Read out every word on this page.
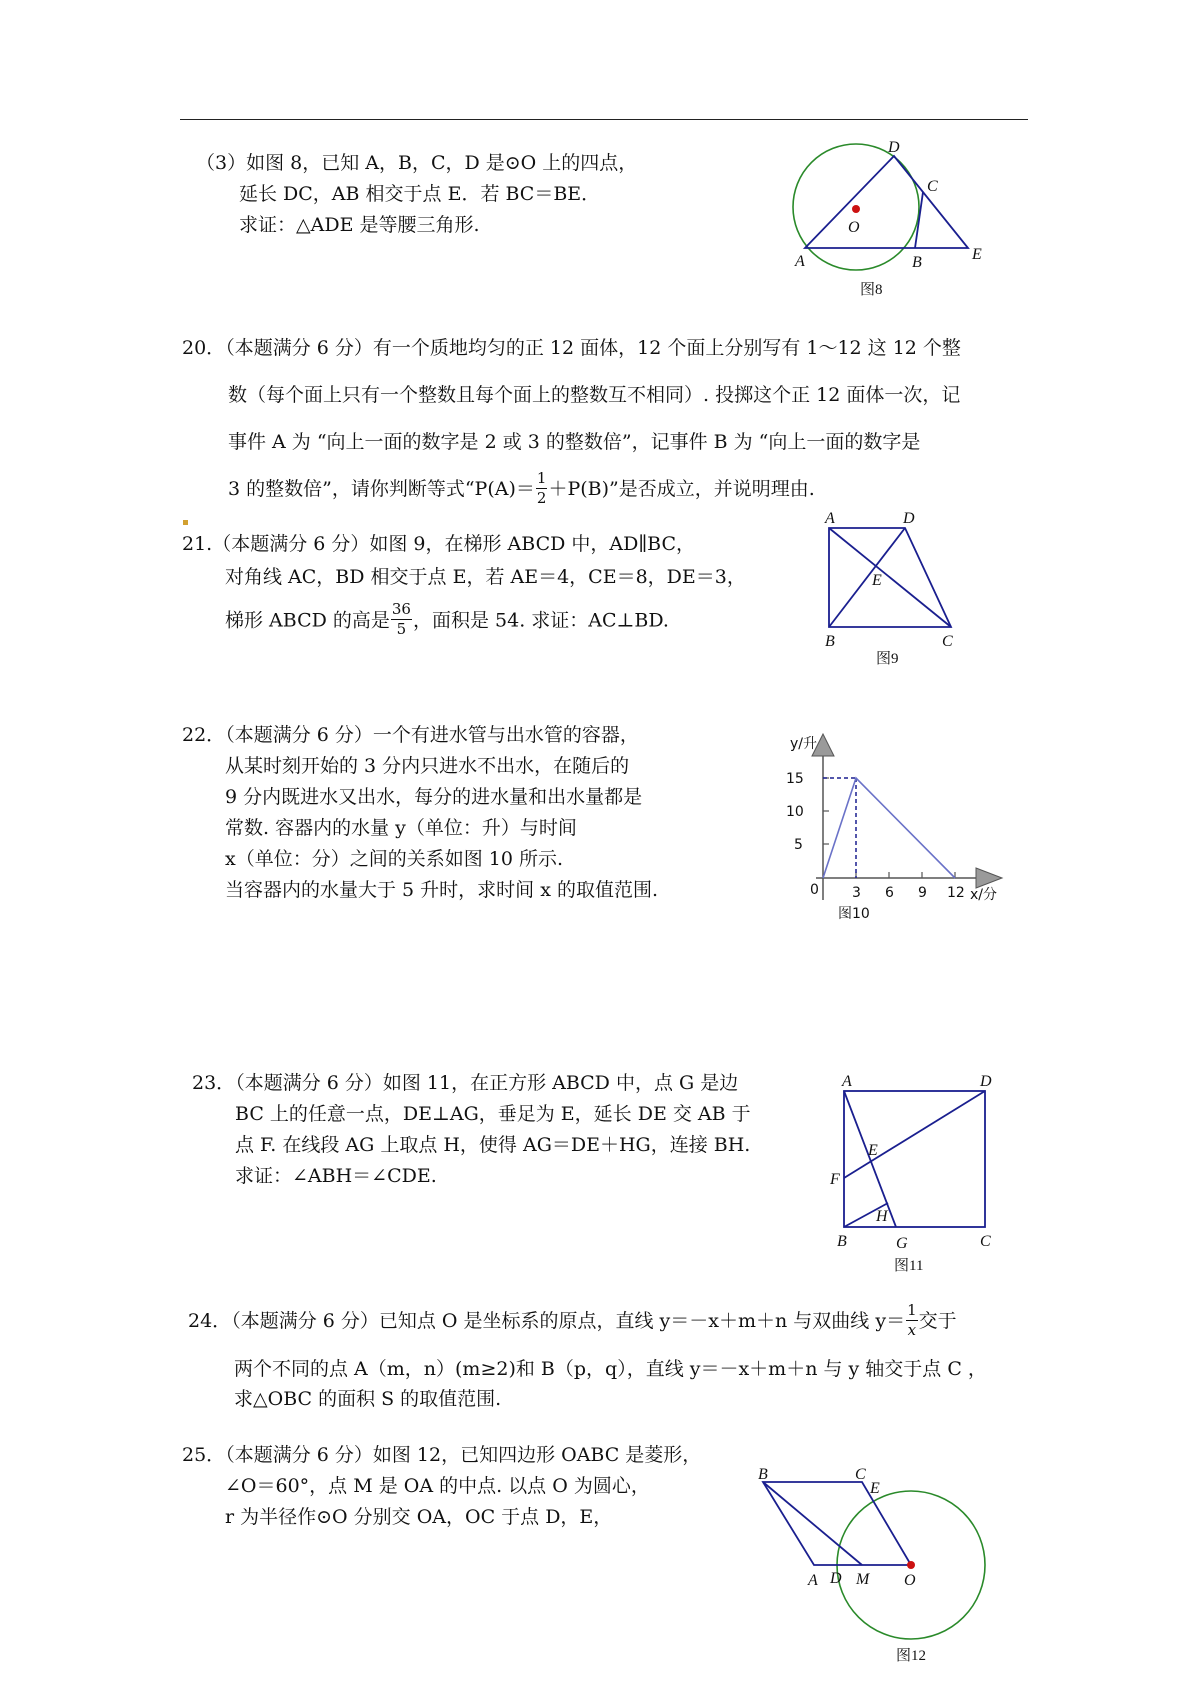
（3）如图 8，已知 A，B，C，D 是⊙O 上的四点，

延长 DC，AB 相交于点 E．若 BC＝BE．

求证：△ADE 是等腰三角形.

D
C
O
A	B	E
图8

20．（本题满分 6 分）有一个质地均匀的正 12 面体，12 个面上分别写有 1～12 这 12 个整

数（每个面上只有一个整数且每个面上的整数互不相同）. 投掷这个正 12 面体一次，记

事件 A 为 “向上一面的数字是 2 或 3 的整数倍”，记事件 B 为 “向上一面的数字是

3 的整数倍”，请你判断等式“$P(A)= \frac{1}{2} +P(B)$”是否成立，并说明理由.

21.（本题满分 6 分）如图 9，在梯形 ABCD 中，AD∥BC，

对角线 AC，BD 相交于点 E，若 AE＝4，CE＝8，DE＝3，

梯形 ABCD 的高是 $\frac{36}{5}$ ，面积是 54. 求证：AC⊥BD.

A	D
E
B	C
图9

22．（本题满分 6 分）一个有进水管与出水管的容器，

从某时刻开始的 3 分内只进水不出水，在随后的

9 分内既进水又出水，每分的进水量和出水量都是

常数. 容器内的水量 y（单位：升）与时间

x（单位：分）之间的关系如图 10 所示.

当容器内的水量大于 5 升时，求时间 x 的取值范围.

y/升
15
10
5
0 3 6 9 12 x/分
图10

23．（本题满分 6 分）如图 11，在正方形 ABCD 中，点 G 是边

BC 上的任意一点，DE⊥AG，垂足为 E，延长 DE 交 AB 于

点 F. 在线段 AG 上取点 H，使得 AG＝DE＋HG，连接 BH.

求证：∠ABH＝∠CDE.

A	D
E
F
H
B	G	C
图11

24．（本题满分 6 分）已知点 O 是坐标系的原点，直线 y＝－x＋m＋n 与双曲线 $y= \frac{1}{x}$ 交于

两个不同的点 A（m，n）(m≥2)和 B（p，q），直线 y＝－x＋m＋n 与 y 轴交于点 C ，

求△OBC 的面积 S 的取值范围.

25．（本题满分 6 分）如图 12，已知四边形 OABC 是菱形，

∠O＝60°，点 M 是 OA 的中点. 以点 O 为圆心，

r 为半径作⊙O 分别交 OA，OC 于点 D，E，

B	C
E
A D M O
图12
